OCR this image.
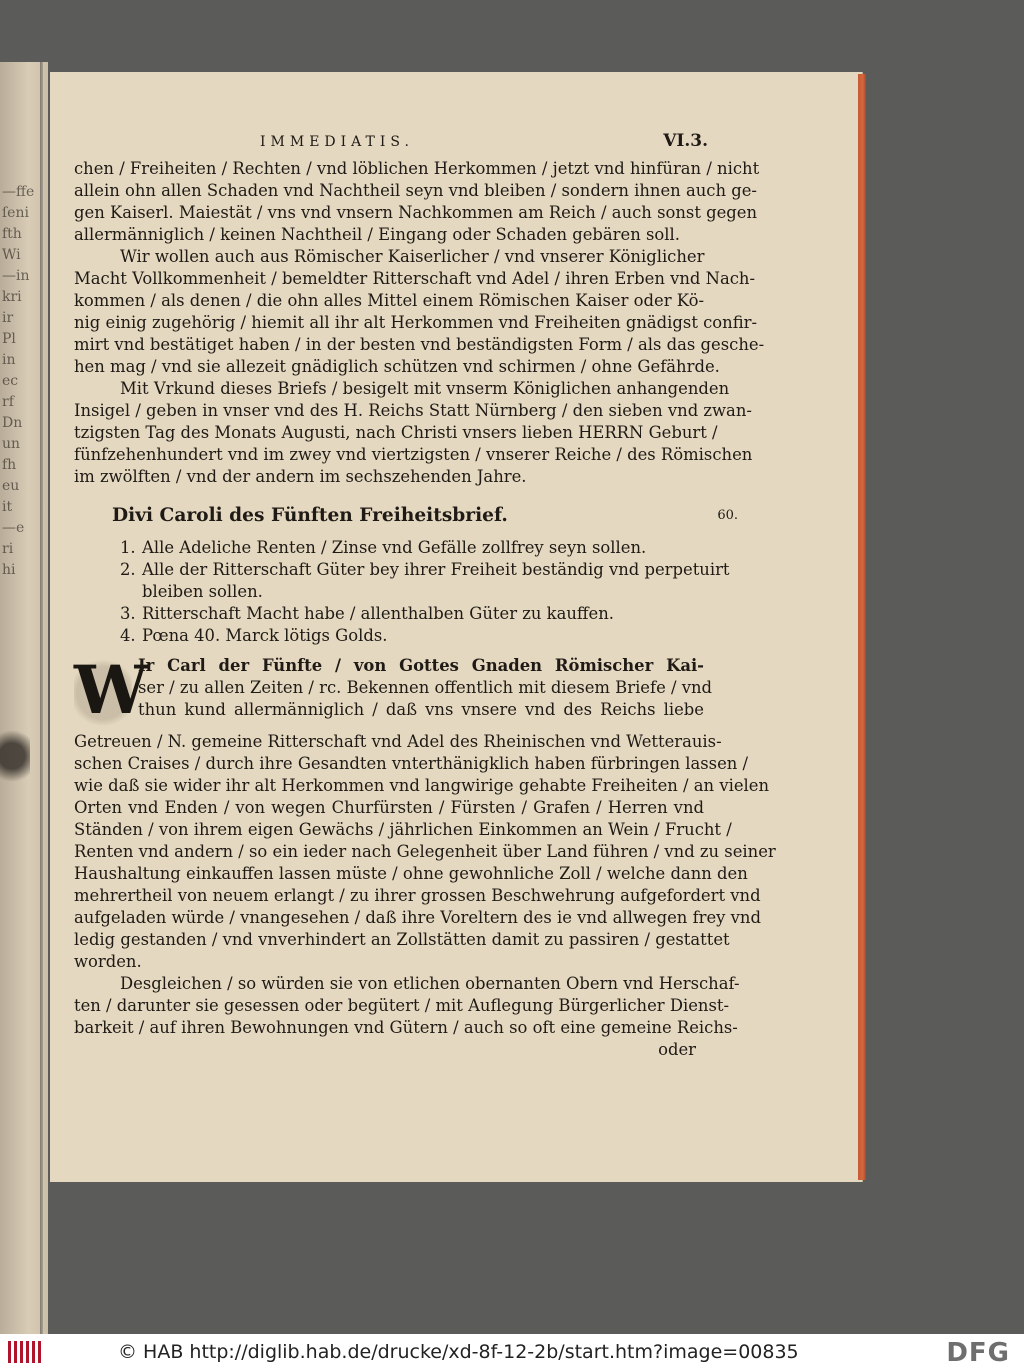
—ffe
ſeni
fth
Wi
—in
kri
ir
Pl
in
ec
rf
Dn
un
fh
eu
it
—e
ri
hi
IMMEDIATIS.	VI.3.

chen / Freiheiten / Rechten / vnd löblichen Herkommen / jetzt vnd hinfüran / nicht
allein ohn allen Schaden vnd Nachtheil seyn vnd bleiben / sondern ihnen auch ge-
gen Kaiserl. Maiestät / vns vnd vnsern Nachkommen am Reich / auch sonst gegen
allermänniglich / keinen Nachtheil / Eingang oder Schaden gebären soll.

Wir wollen auch aus Römischer Kaiserlicher / vnd vnserer Königlicher
Macht Vollkommenheit / bemeldter Ritterschaft vnd Adel / ihren Erben vnd Nach-
kommen / als denen / die ohn alles Mittel einem Römischen Kaiser oder Kö-
nig einig zugehörig / hiemit all ihr alt Herkommen vnd Freiheiten gnädigst confir-
mirt vnd bestätiget haben / in der besten vnd beständigsten Form / als das gesche-
hen mag / vnd sie allezeit gnädiglich schützen vnd schirmen / ohne Gefährde.

Mit Vrkund dieses Briefs / besigelt mit vnserm Königlichen anhangenden
Insigel / geben in vnser vnd des H. Reichs Statt Nürnberg / den sieben vnd zwan-
tzigsten Tag des Monats Augusti, nach Christi vnsers lieben HERRN Geburt /
fünfzehenhundert vnd im zwey vnd viertzigsten / vnserer Reiche / des Römischen
im zwölften / vnd der andern im sechszehenden Jahre.

Divi Caroli des Fünften Freiheitsbrief.	60.
1. Alle Adeliche Renten / Zinse vnd Gefälle zollfrey seyn sollen.
2. Alle der Ritterschaft Güter bey ihrer Freiheit beständig vnd perpetuirt
bleiben sollen.
3. Ritterschaft Macht habe / allenthalben Güter zu kauffen.
4. Pœna 40. Marck lötigs Golds.

W
Ir Carl der Fünfte / von Gottes Gnaden Römischer Kai-
ser / zu allen Zeiten / rc. Bekennen offentlich mit diesem Briefe / vnd
thun kund allermänniglich / daß vns vnsere vnd des Reichs liebe
Getreuen / N. gemeine Ritterschaft vnd Adel des Rheinischen vnd Wetterauis-
schen Craises / durch ihre Gesandten vnterthänigklich haben fürbringen lassen /
wie daß sie wider ihr alt Herkommen vnd langwirige gehabte Freiheiten / an vielen
Orten vnd Enden / von wegen Churfürsten / Fürsten / Grafen / Herren vnd
Ständen / von ihrem eigen Gewächs / jährlichen Einkommen an Wein / Frucht /
Renten vnd andern / so ein ieder nach Gelegenheit über Land führen / vnd zu seiner
Haushaltung einkauffen lassen müste / ohne gewohnliche Zoll / welche dann den
mehrertheil von neuem erlangt / zu ihrer grossen Beschwehrung aufgefordert vnd
aufgeladen würde / vnangesehen / daß ihre Voreltern des ie vnd allwegen frey vnd
ledig gestanden / vnd vnverhindert an Zollstätten damit zu passiren / gestattet
worden.

Desgleichen / so würden sie von etlichen obernanten Obern vnd Herschaf-
ten / darunter sie gesessen oder begütert / mit Auflegung Bürgerlicher Dienst-
barkeit / auf ihren Bewohnungen vnd Gütern / auch so oft eine gemeine Reichs-

oder
© HAB http://diglib.hab.de/drucke/xd-8f-12-2b/start.htm?image=00835	DFG
